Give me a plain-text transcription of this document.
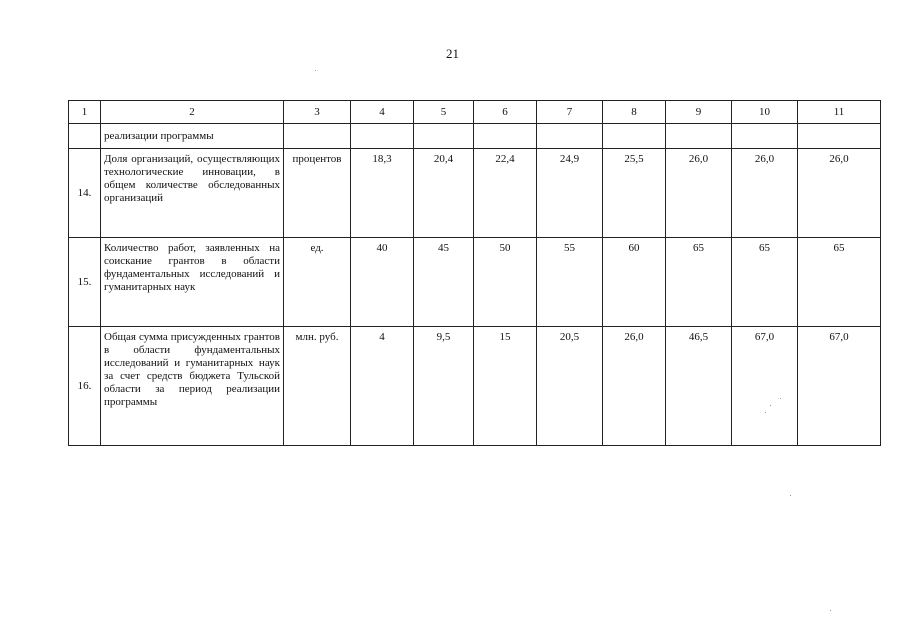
21
1	2	3	4	5	6	7	8	9	10	11
	реализации программы									
14.	Доля организаций, осуществляющих технологические инновации, в общем количестве обследованных организаций	процентов	18,3	20,4	22,4	24,9	25,5	26,0	26,0	26,0
15.	Количество работ, заявленных на соискание грантов в области фундаментальных исследований и гуманитарных наук	ед.	40	45	50	55	60	65	65	65
16.	Общая сумма присужденных грантов в области фундаментальных исследований и гуманитарных наук за счет средств бюджета Тульской области за период реализации программы	млн. руб.	4	9,5	15	20,5	26,0	46,5	67,0	67,0
